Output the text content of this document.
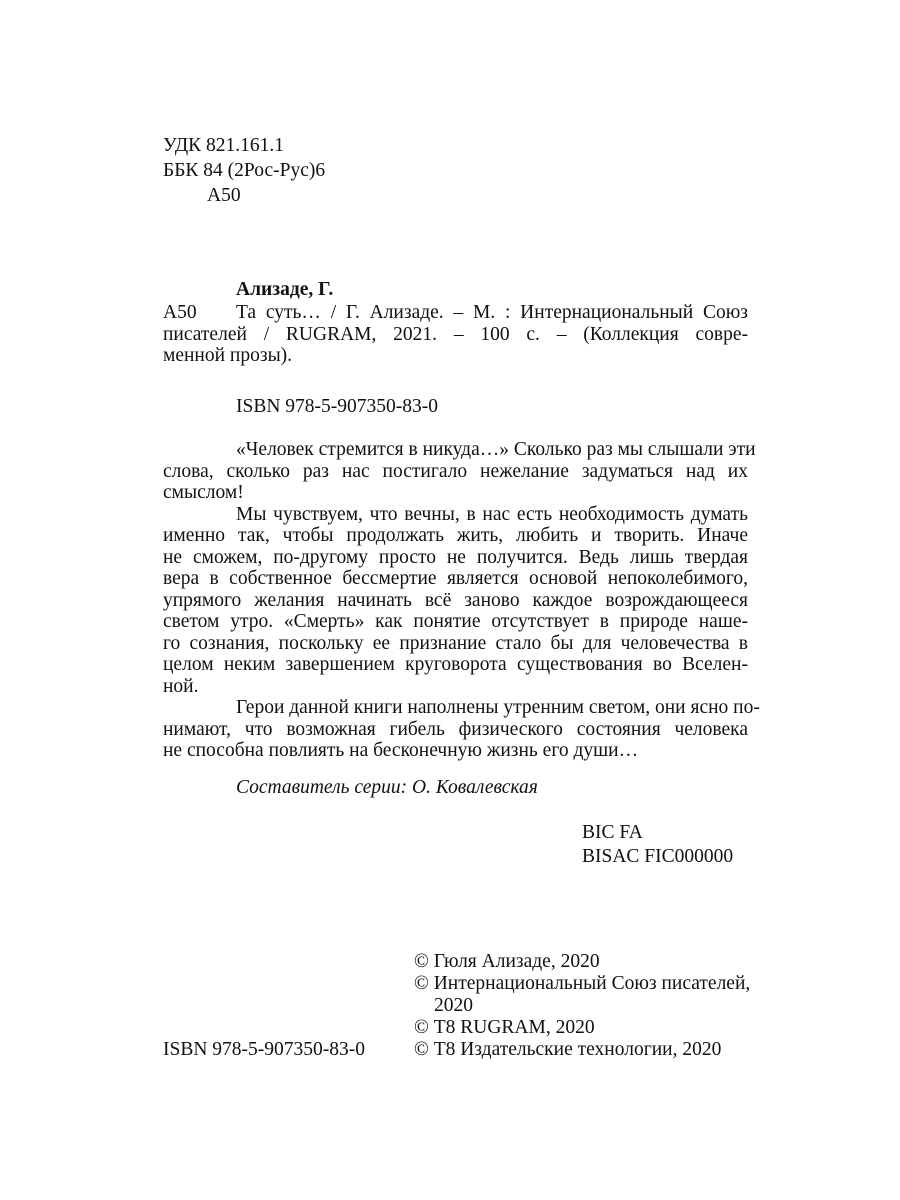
УДК 821.161.1
ББК 84 (2Рос-Рус)6
А50
Ализаде, Г.
А50	Та суть… / Г. Ализаде. – М. : Интернациональный Союз
писателей / RUGRAM, 2021. – 100 с. – (Коллекция совре-
менной прозы).
ISBN 978-5-907350-83-0
«Человек стремится в никуда…» Сколько раз мы слышали эти
слова, сколько раз нас постигало нежелание задуматься над их
смыслом!
Мы чувствуем, что вечны, в нас есть необходимость думать
именно так, чтобы продолжать жить, любить и творить. Иначе
не сможем, по-другому просто не получится. Ведь лишь твердая
вера в собственное бессмертие является основой непоколебимого,
упрямого желания начинать всё заново каждое возрождающееся
светом утро. «Смерть» как понятие отсутствует в природе наше-
го сознания, поскольку ее признание стало бы для человечества в
целом неким завершением круговорота существования во Вселен-
ной.
Герои данной книги наполнены утренним светом, они ясно по-
нимают, что возможная гибель физического состояния человека
не способна повлиять на бесконечную жизнь его души…
Составитель серии: О. Ковалевская
BIC FA
BISAC FIC000000
© Гюля Ализаде, 2020
© Интернациональный Союз писателей,
2020
© Т8 RUGRAM, 2020
ISBN 978-5-907350-83-0	© Т8 Издательские технологии, 2020
